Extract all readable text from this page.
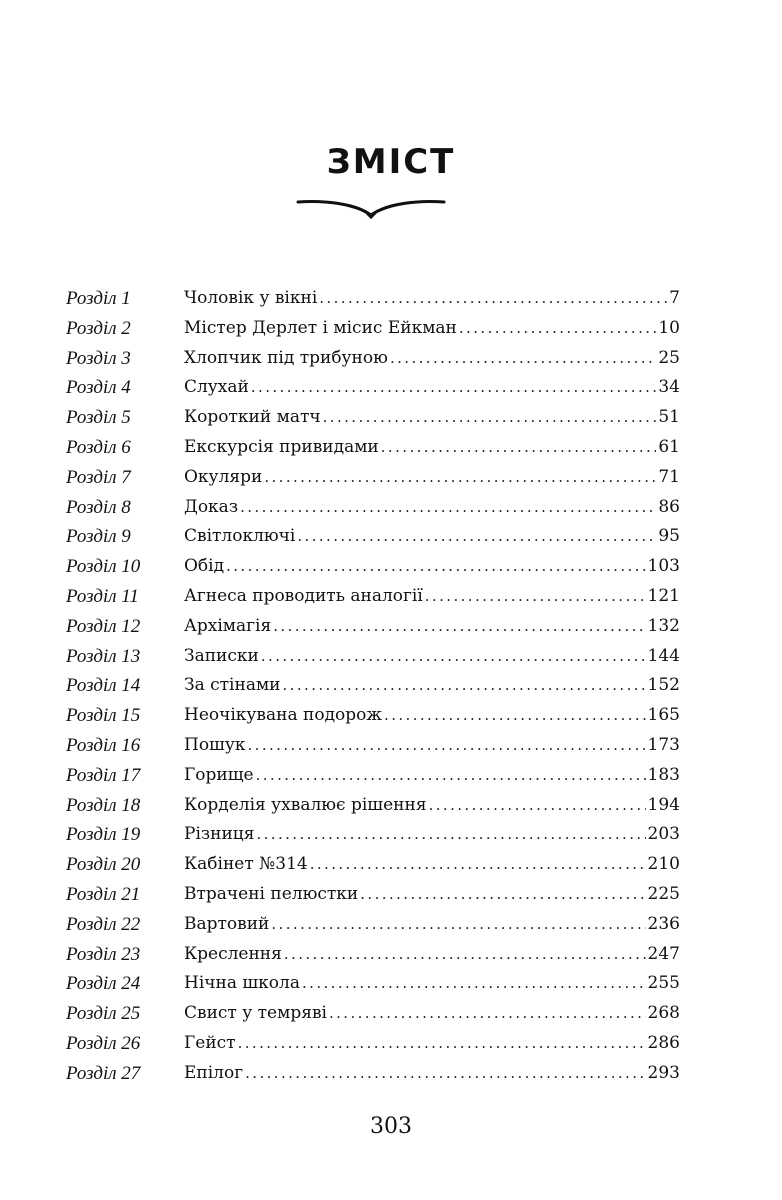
ЗМІСТ
Розділ 1	Чоловік у вікні .....	7
Розділ 2	Містер Дерлет і місис Ейкман .....	10
Розділ 3	Хлопчик під трибуною .....	25
Розділ 4	Слухай .....	34
Розділ 5	Короткий матч .....	51
Розділ 6	Екскурсія привидами .....	61
Розділ 7	Окуляри .....	71
Розділ 8	Доказ .....	86
Розділ 9	Світлоключі .....	95
Розділ 10	Обід .....	103
Розділ 11	Агнеса проводить аналогії .....	121
Розділ 12	Архімагія .....	132
Розділ 13	Записки .....	144
Розділ 14	За стінами .....	152
Розділ 15	Неочікувана подорож .....	165
Розділ 16	Пошук .....	173
Розділ 17	Горище .....	183
Розділ 18	Корделія ухвалює рішення .....	194
Розділ 19	Різниця .....	203
Розділ 20	Кабінет №314 .....	210
Розділ 21	Втрачені пелюстки .....	225
Розділ 22	Вартовий .....	236
Розділ 23	Креслення .....	247
Розділ 24	Нічна школа .....	255
Розділ 25	Свист у темряві .....	268
Розділ 26	Гейст .....	286
Розділ 27	Епілог .....	293
303
